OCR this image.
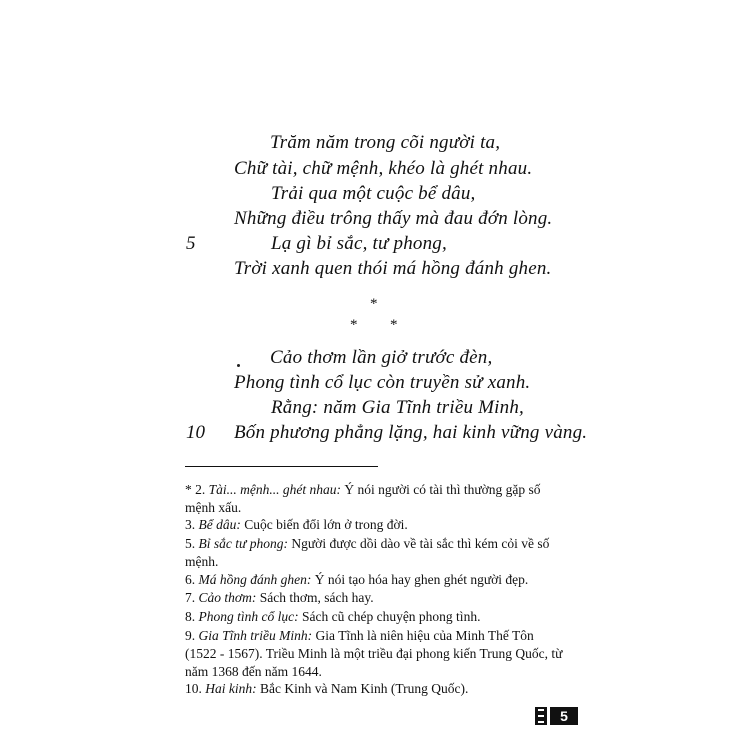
Trăm năm trong cõi người ta,
Chữ tài, chữ mệnh, khéo là ghét nhau.
Trải qua một cuộc bể dâu,
Những điều trông thấy mà đau đớn lòng.
5	Lạ gì bỉ sắc, tư phong,
Trời xanh quen thói má hồng đánh ghen.
*
* *
Cảo thơm lần giở trước đèn,
Phong tình cổ lục còn truyền sử xanh.
Rằng: năm Gia Tĩnh triều Minh,
10 Bốn phương phẳng lặng, hai kinh vững vàng.
* 2. Tài... mệnh... ghét nhau: Ý nói người có tài thì thường gặp số mệnh xấu.
3. Bể dâu: Cuộc biến đổi lớn ở trong đời.
5. Bỉ sắc tư phong: Người được dồi dào về tài sắc thì kém cỏi về số mệnh.
6. Má hồng đánh ghen: Ý nói tạo hóa hay ghen ghét người đẹp.
7. Cảo thơm: Sách thơm, sách hay.
8. Phong tình cổ lục: Sách cũ chép chuyện phong tình.
9. Gia Tĩnh triều Minh: Gia Tĩnh là niên hiệu của Minh Thế Tôn (1522 - 1567). Triều Minh là một triều đại phong kiến Trung Quốc, từ năm 1368 đến năm 1644.
10. Hai kinh: Bắc Kinh và Nam Kinh (Trung Quốc).
5
